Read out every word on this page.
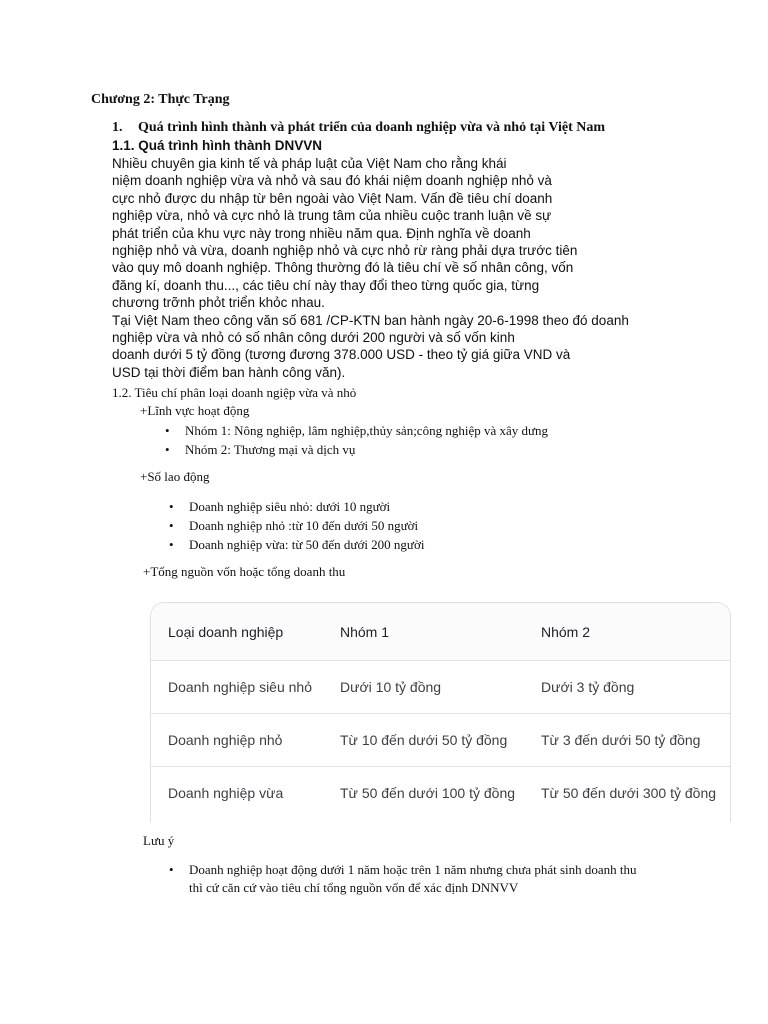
Chương 2: Thực Trạng
1. Quá trình hình thành và phát triển của doanh nghiệp vừa và nhỏ tại Việt Nam
1.1. Quá trình hình thành DNVVN
Nhiều chuyên gia kinh tế và pháp luật của Việt Nam cho rằng khái
niệm doanh nghiệp vừa và nhỏ và sau đó khái niệm doanh nghiệp nhỏ và
cực nhỏ được du nhập từ bên ngoài vào Việt Nam. Vấn đề tiêu chí doanh
nghiệp vừa, nhỏ và cực nhỏ là trung tâm của nhiều cuộc tranh luận về sự
phát triển của khu vực này trong nhiều năm qua. Định nghĩa về doanh
nghiệp nhỏ và vừa, doanh nghiệp nhỏ và cực nhỏ rừ ràng phải dựa trước tiên
vào quy mô doanh nghiệp. Thông thường đó là tiêu chí về số nhân công, vốn
đăng kí, doanh thu..., các tiêu chí này thay đổi theo từng quốc gia, từng
chương trỡnh phỏt triển khỏc nhau.
Tại Việt Nam theo công văn số 681 /CP-KTN ban hành ngày 20-6-1998 theo đó doanh
nghiệp vừa và nhỏ có số nhân công dưới 200 người và số vốn kinh
doanh dưới 5 tỷ đồng (tương đương 378.000 USD - theo tỷ giá giữa VND và
USD tại thời điểm ban hành công văn).
1.2. Tiêu chí phân loại doanh ngiệp vừa và nhỏ
+Lĩnh vực hoạt động
• Nhóm 1: Nông nghiệp, lâm nghiệp,thủy sản;công nghiệp và xây dưng
• Nhóm 2: Thương mại và dịch vụ
+Số lao động
• Doanh nghiệp siêu nhỏ: dưới 10 người
• Doanh nghiệp nhỏ :từ 10 đến dưới 50 người
• Doanh nghiệp vừa: từ 50 đến dưới 200 người
+Tổng nguồn vốn hoặc tổng doanh thu
Loại doanh nghiệp	Nhóm 1	Nhóm 2
Doanh nghiệp siêu nhỏ	Dưới 10 tỷ đồng	Dưới 3 tỷ đồng
Doanh nghiệp nhỏ	Từ 10 đến dưới 50 tỷ đồng	Từ 3 đến dưới 50 tỷ đồng
Doanh nghiệp vừa	Từ 50 đến dưới 100 tỷ đồng	Từ 50 đến dưới 300 tỷ đồng
Lưu ý
• Doanh nghiệp hoạt động dưới 1 năm hoặc trên 1 năm nhưng chưa phát sinh doanh thu
thì cứ căn cứ vào tiêu chí tổng nguồn vốn để xác định DNNVV
